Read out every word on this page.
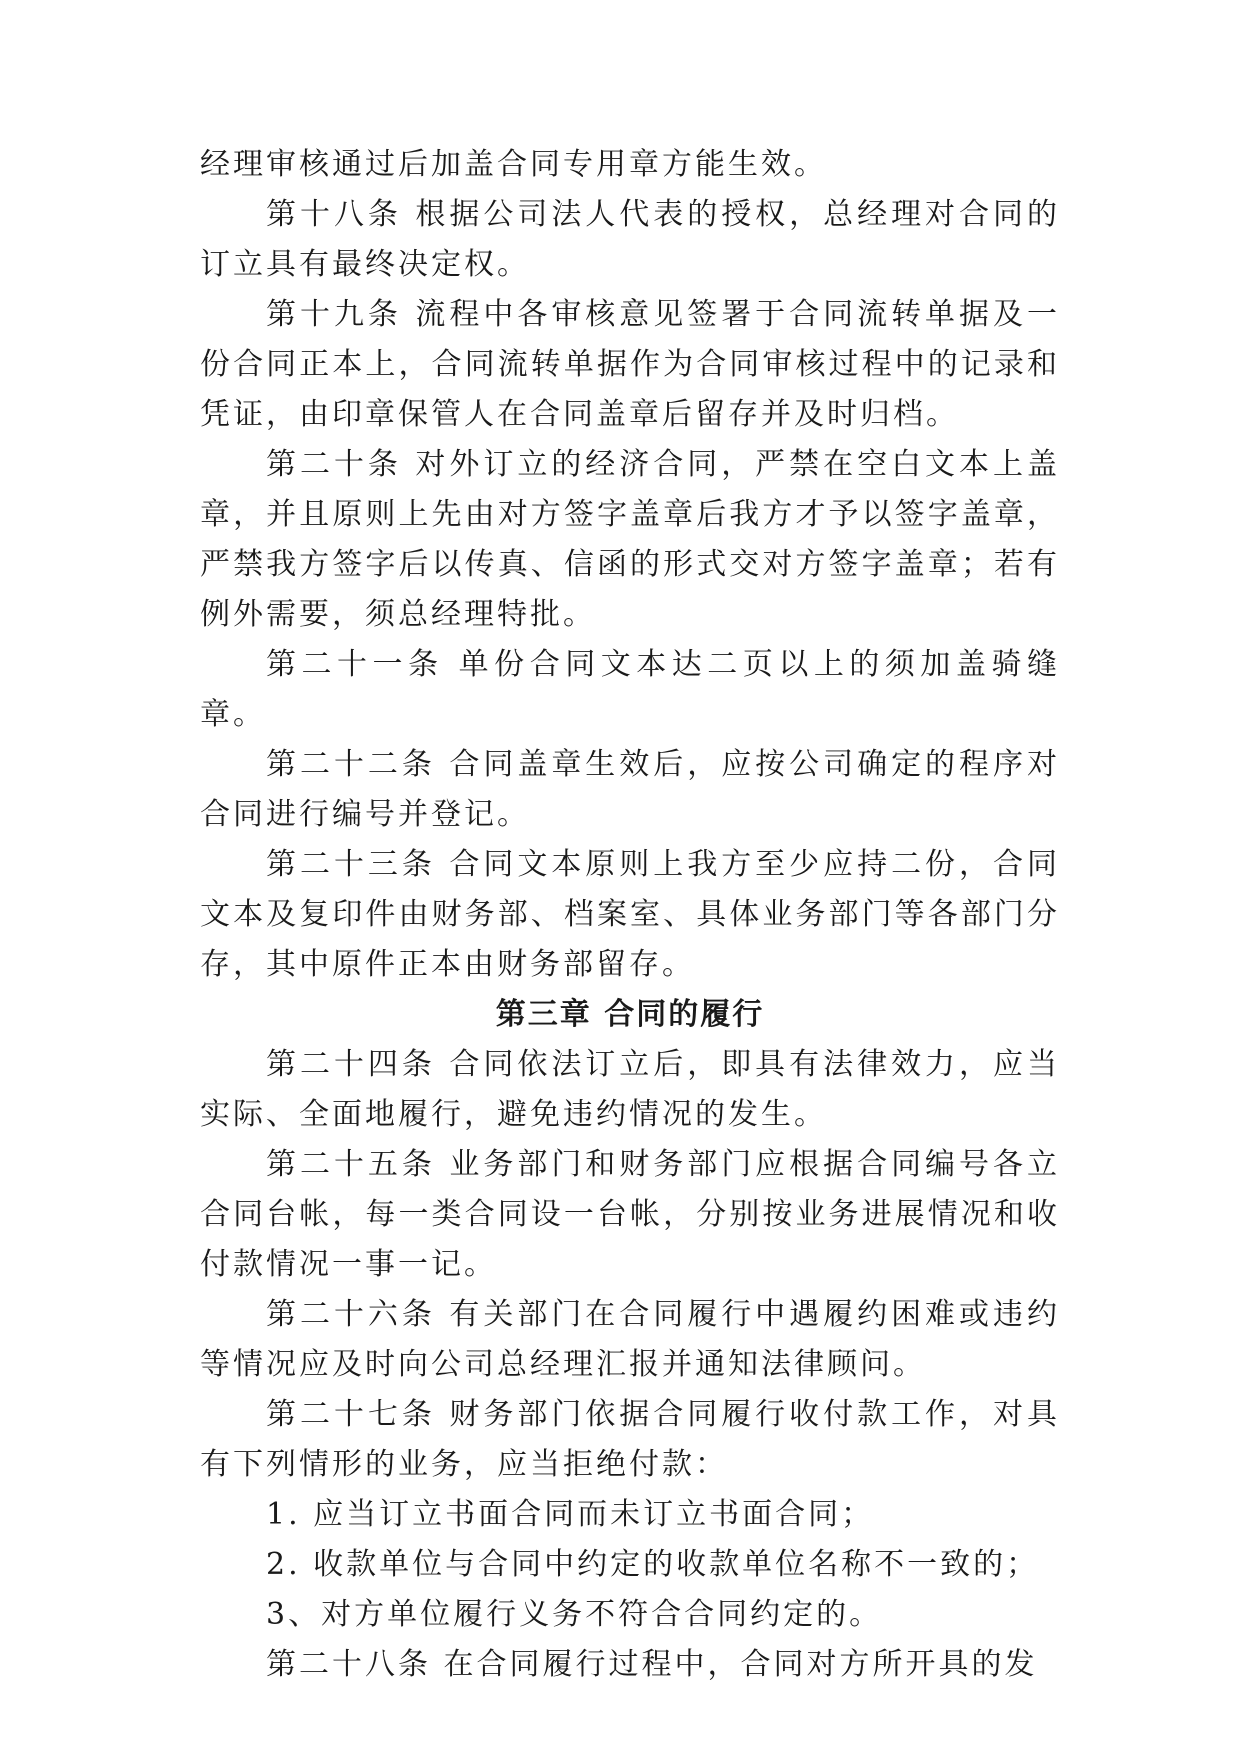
经理审核通过后加盖合同专用章方能生效。

第十八条 根据公司法人代表的授权，总经理对合同的订立具有最终决定权。

第十九条 流程中各审核意见签署于合同流转单据及一份合同正本上，合同流转单据作为合同审核过程中的记录和凭证，由印章保管人在合同盖章后留存并及时归档。

第二十条 对外订立的经济合同，严禁在空白文本上盖章，并且原则上先由对方签字盖章后我方才予以签字盖章，严禁我方签字后以传真、信函的形式交对方签字盖章；若有例外需要，须总经理特批。

第二十一条 单份合同文本达二页以上的须加盖骑缝章。

第二十二条 合同盖章生效后，应按公司确定的程序对合同进行编号并登记。

第二十三条 合同文本原则上我方至少应持二份，合同文本及复印件由财务部、档案室、具体业务部门等各部门分存，其中原件正本由财务部留存。

第三章 合同的履行

第二十四条 合同依法订立后，即具有法律效力，应当实际、全面地履行，避免违约情况的发生。

第二十五条 业务部门和财务部门应根据合同编号各立合同台帐，每一类合同设一台帐，分别按业务进展情况和收付款情况一事一记。

第二十六条 有关部门在合同履行中遇履约困难或违约等情况应及时向公司总经理汇报并通知法律顾问。

第二十七条 财务部门依据合同履行收付款工作，对具有下列情形的业务，应当拒绝付款：

1. 应当订立书面合同而未订立书面合同；

2. 收款单位与合同中约定的收款单位名称不一致的；

3、对方单位履行义务不符合合同约定的。

第二十八条 在合同履行过程中，合同对方所开具的发
